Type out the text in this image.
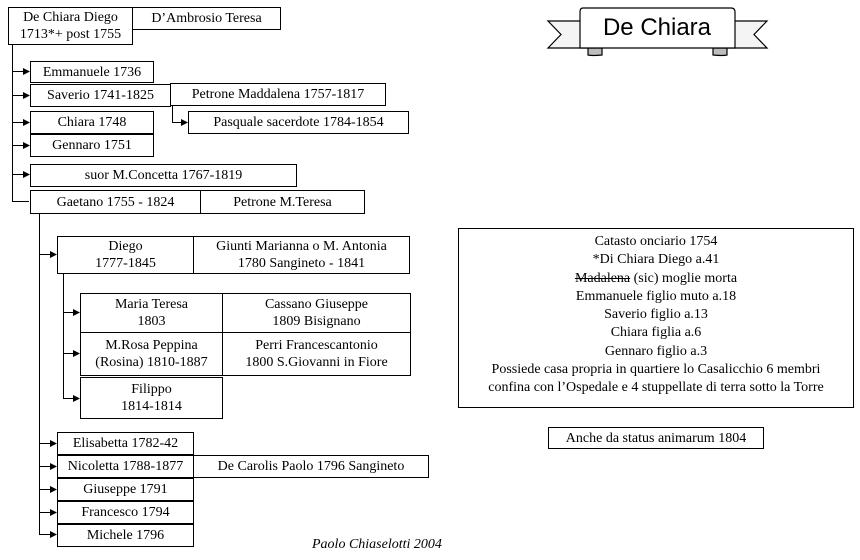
De Chiara
De Chiara Diego
1713*+ post 1755
D’Ambrosio Teresa
Emmanuele 1736
Saverio 1741-1825	Petrone Maddalena 1757-1817
Pasquale sacerdote 1784-1854
Chiara 1748
Gennaro 1751
suor M.Concetta 1767-1819
Gaetano 1755 - 1824	Petrone M.Teresa
Diego
1777-1845
Giunti Marianna o M. Antonia
1780 Sangineto - 1841
Maria Teresa
1803
Cassano Giuseppe
1809 Bisignano
M.Rosa Peppina
(Rosina) 1810-1887
Perri Francescantonio
1800 S.Giovanni in Fiore
Filippo
1814-1814
Elisabetta 1782-42
Nicoletta 1788-1877 De Carolis Paolo 1796 Sangineto
Giuseppe 1791
Francesco 1794
Michele 1796
Catasto onciario 1754
*Di Chiara Diego a.41
Madalena (sic) moglie morta
Emmanuele figlio muto a.18
Saverio figlio a.13
Chiara figlia a.6
Gennaro figlio a.3
Possiede casa propria in quartiere lo Casalicchio 6 membri
confina con l’Ospedale e 4 stuppellate di terra sotto la Torre
Anche da status animarum 1804
Paolo Chiaselotti 2004
